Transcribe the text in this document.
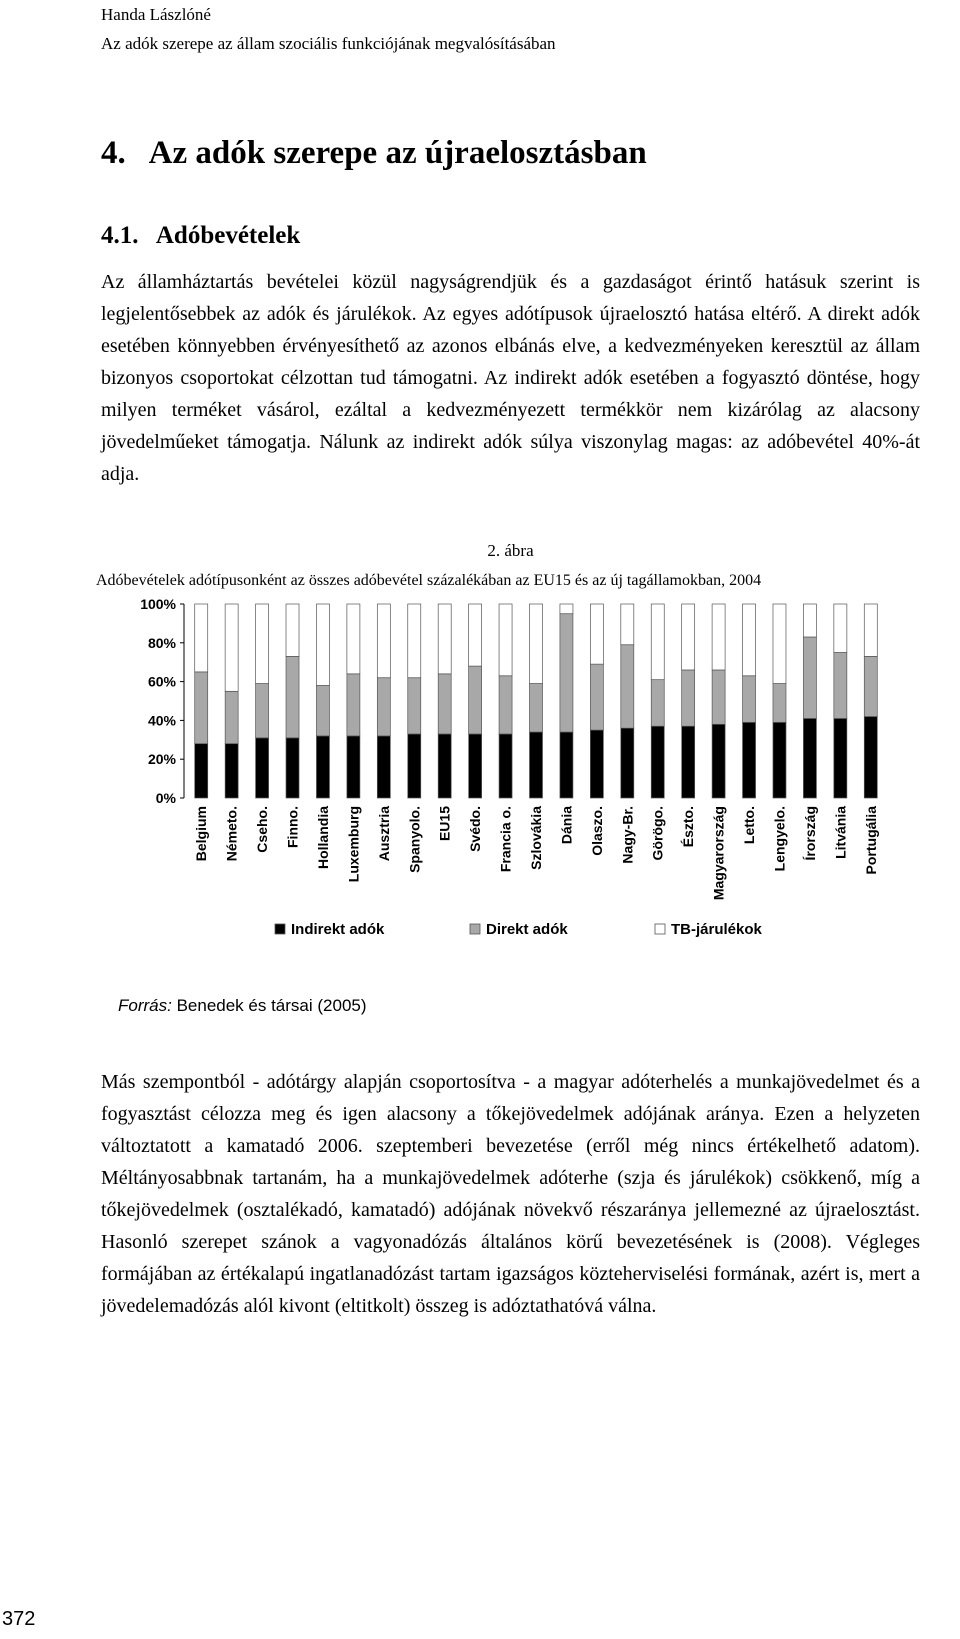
Handa Lászlóné
Az adók szerepe az állam szociális funkciójának megvalósításában
4.   Az adók szerepe az újraelosztásban
4.1.   Adóbevételek

Az államháztartás bevételei közül nagyságrendjük és a gazdaságot érintő hatásuk szerint is legjelentősebbek az adók és járulékok. Az egyes adótípusok újraelosztó hatása eltérő. A direkt adók esetében könnyebben érvényesíthető az azonos elbánás elve, a kedvezményeken keresztül az állam bizonyos csoportokat célzottan tud támogatni. Az indirekt adók esetében a fogyasztó döntése, hogy milyen terméket vásárol, ezáltal a kedvezményezett termékkör nem kizárólag az alacsony jövedelműeket támogatja. Nálunk az indirekt adók súlya viszonylag magas: az adóbevétel 40%-át adja.

2. ábra
Adóbevételek adótípusonként az összes adóbevétel százalékában az EU15 és az új tagállamokban, 2004
0%
20%
40%
60%
80%
100%
Belgium Németo. Cseho. Finno. Hollandia Luxemburg Ausztria Spanyolo. EU15 Svédo. Francia o. Szlovákia Dánia Olaszo. Nagy-Br. Görögo. Észto. Magyarország Letto. Lengyelo. Írország Litvánia Portugália
Indirekt adók	Direkt adók	TB-járulékok
Forrás: Benedek és társai (2005)

Más szempontból - adótárgy alapján csoportosítva - a magyar adóterhelés a munkajövedelmet és a fogyasztást célozza meg és igen alacsony a tőkejövedelmek adójának aránya. Ezen a helyzeten változtatott a kamatadó 2006. szeptemberi bevezetése (erről még nincs értékelhető adatom). Méltányosabbnak tartanám, ha a munkajövedelmek adóterhe (szja és járulékok) csökkenő, míg a tőkejövedelmek (osztalékadó, kamatadó) adójának növekvő részaránya jellemezné az újraelosztást. Hasonló szerepet szánok a vagyonadózás általános körű bevezetésének is (2008). Végleges formájában az értékalapú ingatlanadózást tartam igazságos közteherviselési formának, azért is, mert a jövedelemadózás alól kivont (eltitkolt) összeg is adóztathatóvá válna.

372
